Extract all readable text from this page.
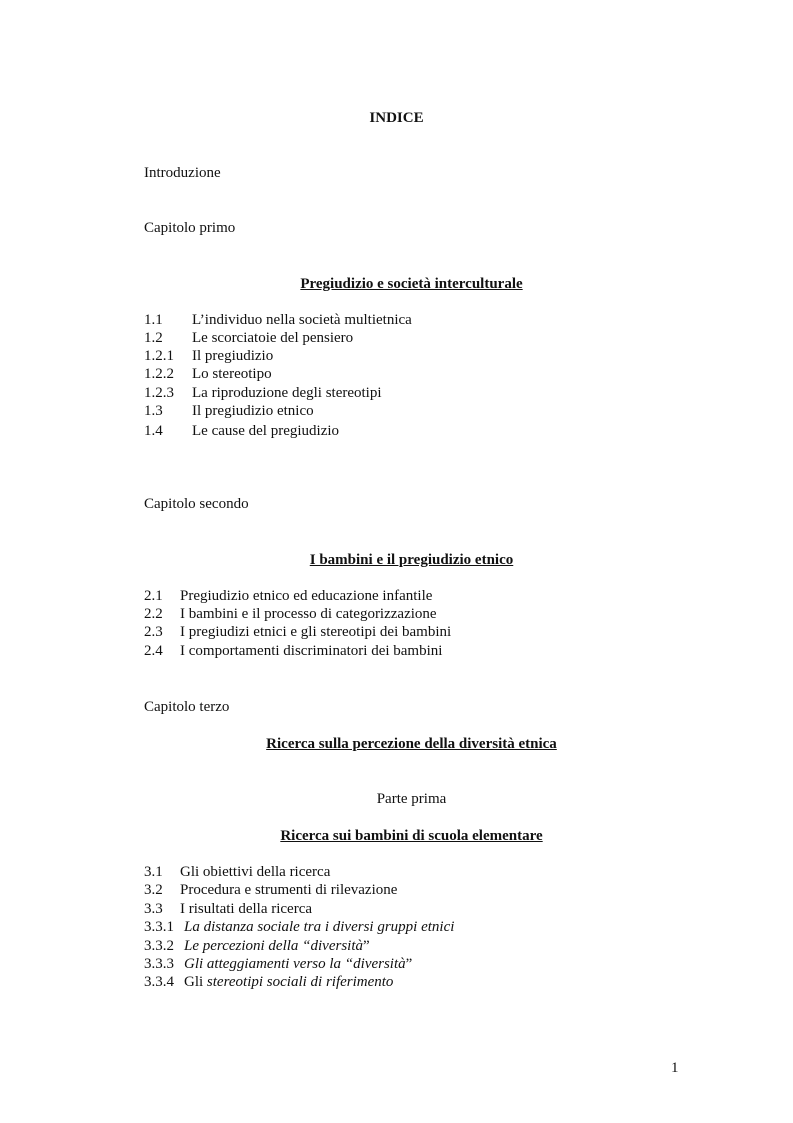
INDICE
Introduzione
Capitolo primo
Pregiudizio e società interculturale
1.1 L’individuo nella società multietnica
1.2 Le scorciatoie del pensiero
1.2.1 Il pregiudizio
1.2.2 Lo stereotipo
1.2.3 La riproduzione degli stereotipi
1.3 Il pregiudizio etnico
1.4 Le cause del pregiudizio
Capitolo secondo
I bambini e il pregiudizio etnico
2.1 Pregiudizio etnico ed educazione infantile
2.2 I bambini e il processo di categorizzazione
2.3 I pregiudizi etnici e gli stereotipi dei bambini
2.4 I comportamenti discriminatori dei bambini
Capitolo terzo
Ricerca sulla percezione della diversità etnica
Parte prima
Ricerca sui bambini di scuola elementare
3.1 Gli obiettivi della ricerca
3.2 Procedura e strumenti di rilevazione
3.3 I risultati della ricerca
3.3.1 La distanza sociale tra i diversi gruppi etnici
3.3.2 Le percezioni della “diversità”
3.3.3 Gli atteggiamenti verso la “diversità”
3.3.4 Gli stereotipi sociali di riferimento
1
